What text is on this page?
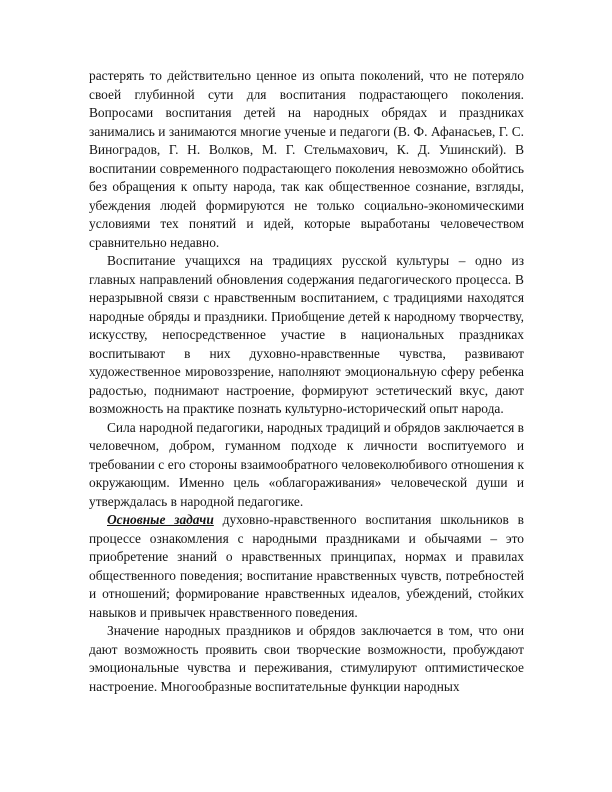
растерять то действительно ценное из опыта поколений, что не потеряло своей глубинной сути для воспитания подрастающего поколения. Вопросами воспитания детей на народных обрядах и праздниках занимались и занимаются многие ученые и педагоги (В. Ф. Афанасьев, Г. С. Виноградов, Г. Н. Волков, М. Г. Стельмахович, К. Д. Ушинский). В воспитании современного подрастающего поколения невозможно обойтись без обращения к опыту народа, так как общественное сознание, взгляды, убеждения людей формируются не только социально-экономическими условиями тех понятий и идей, которые выработаны человечеством сравнительно недавно.

Воспитание учащихся на традициях русской культуры – одно из главных направлений обновления содержания педагогического процесса. В неразрывной связи с нравственным воспитанием, с традициями находятся народные обряды и праздники. Приобщение детей к народному творчеству, искусству, непосредственное участие в национальных праздниках воспитывают в них духовно-нравственные чувства, развивают художественное мировоззрение, наполняют эмоциональную сферу ребенка радостью, поднимают настроение, формируют эстетический вкус, дают возможность на практике познать культурно-исторический опыт народа.

Сила народной педагогики, народных традиций и обрядов заключается в человечном, добром, гуманном подходе к личности воспитуемого и требовании с его стороны взаимообратного человеколюбивого отношения к окружающим. Именно цель «облагораживания» человеческой души и утверждалась в народной педагогике.

Основные задачи духовно-нравственного воспитания школьников в процессе ознакомления с народными праздниками и обычаями – это приобретение знаний о нравственных принципах, нормах и правилах общественного поведения; воспитание нравственных чувств, потребностей и отношений; формирование нравственных идеалов, убеждений, стойких навыков и привычек нравственного поведения.

Значение народных праздников и обрядов заключается в том, что они дают возможность проявить свои творческие возможности, пробуждают эмоциональные чувства и переживания, стимулируют оптимистическое настроение. Многообразные воспитательные функции народных
